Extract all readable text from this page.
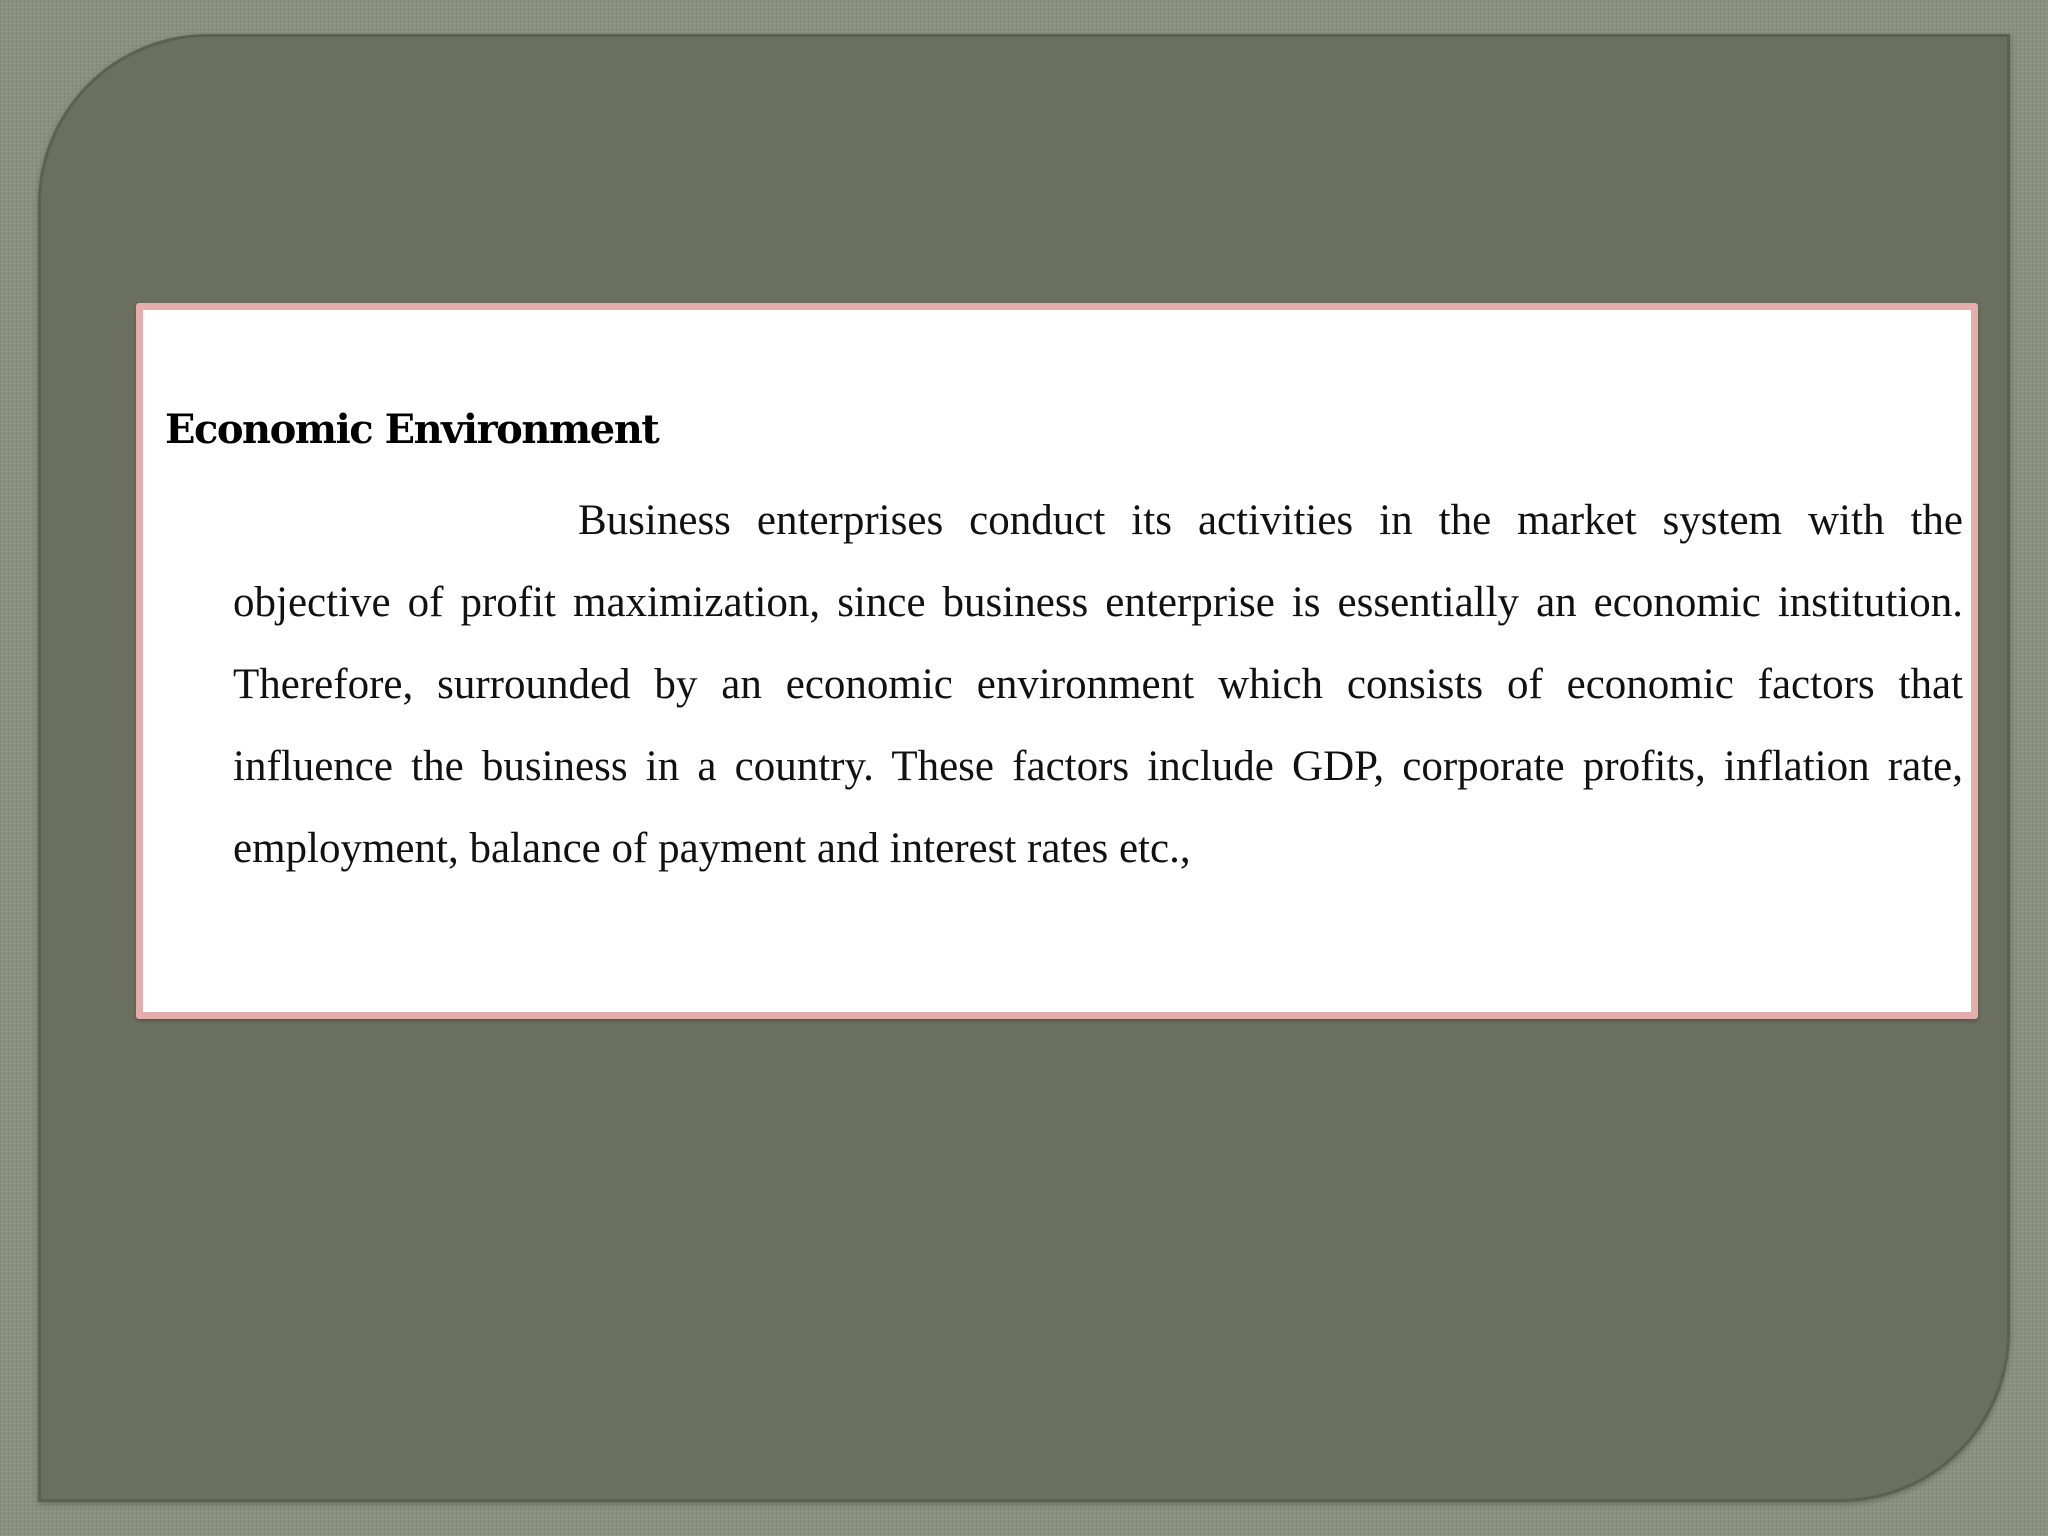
Economic Environment

Business enterprises conduct its activities in the market system with the objective of profit maximization, since business enterprise is essentially an economic institution. Therefore, surrounded by an economic environment which consists of economic factors that influence the business in a country. These factors include GDP, corporate profits, inflation rate, employment, balance of payment and interest rates etc.,
